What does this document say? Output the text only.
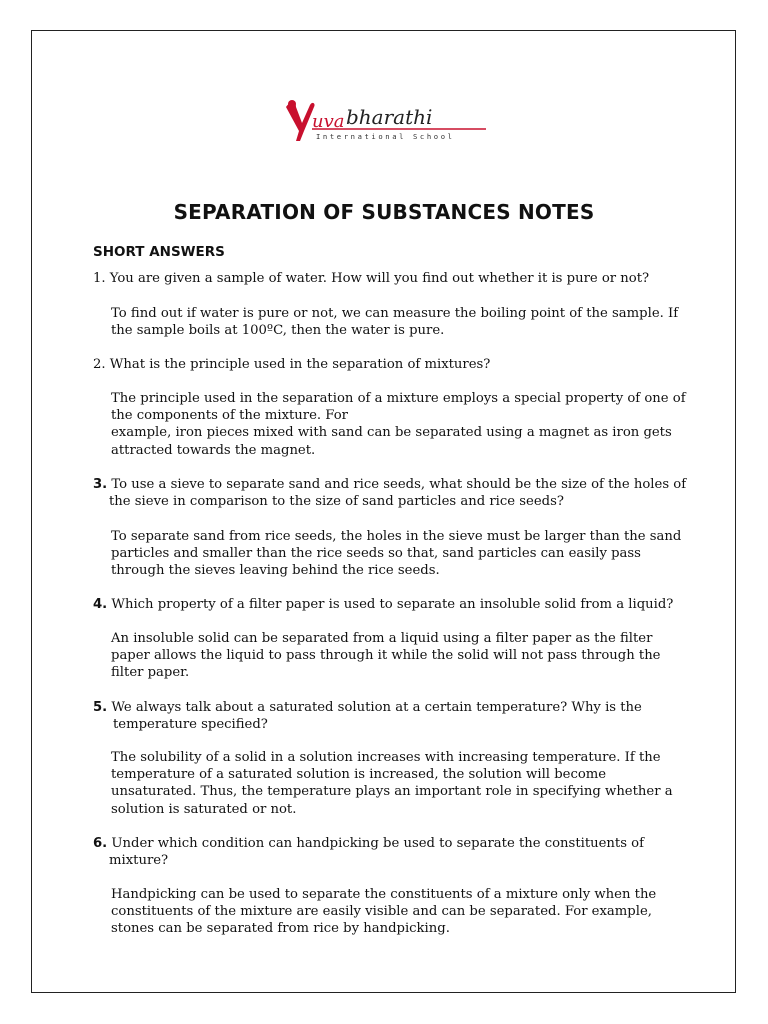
uva bharathi
International School
SEPARATION OF SUBSTANCES NOTES
SHORT ANSWERS
1. You are given a sample of water. How will you find out whether it is pure or not?
To find out if water is pure or not, we can measure the boiling point of the sample. If
the sample boils at 100ºC, then the water is pure.
2. What is the principle used in the separation of mixtures?
The principle used in the separation of a mixture employs a special property of one of
the components of the mixture. For
example, iron pieces mixed with sand can be separated using a magnet as iron gets
attracted towards the magnet.
3. To use a sieve to separate sand and rice seeds, what should be the size of the holes of
the sieve in comparison to the size of sand particles and rice seeds?
To separate sand from rice seeds, the holes in the sieve must be larger than the sand
particles and smaller than the rice seeds so that, sand particles can easily pass
through the sieves leaving behind the rice seeds.
4. Which property of a filter paper is used to separate an insoluble solid from a liquid?
An insoluble solid can be separated from a liquid using a filter paper as the filter
paper allows the liquid to pass through it while the solid will not pass through the
filter paper.
5. We always talk about a saturated solution at a certain temperature? Why is the
temperature specified?
The solubility of a solid in a solution increases with increasing temperature. If the
temperature of a saturated solution is increased, the solution will become
unsaturated. Thus, the temperature plays an important role in specifying whether a
solution is saturated or not.
6. Under which condition can handpicking be used to separate the constituents of
mixture?
Handpicking can be used to separate the constituents of a mixture only when the
constituents of the mixture are easily visible and can be separated. For example,
stones can be separated from rice by handpicking.
